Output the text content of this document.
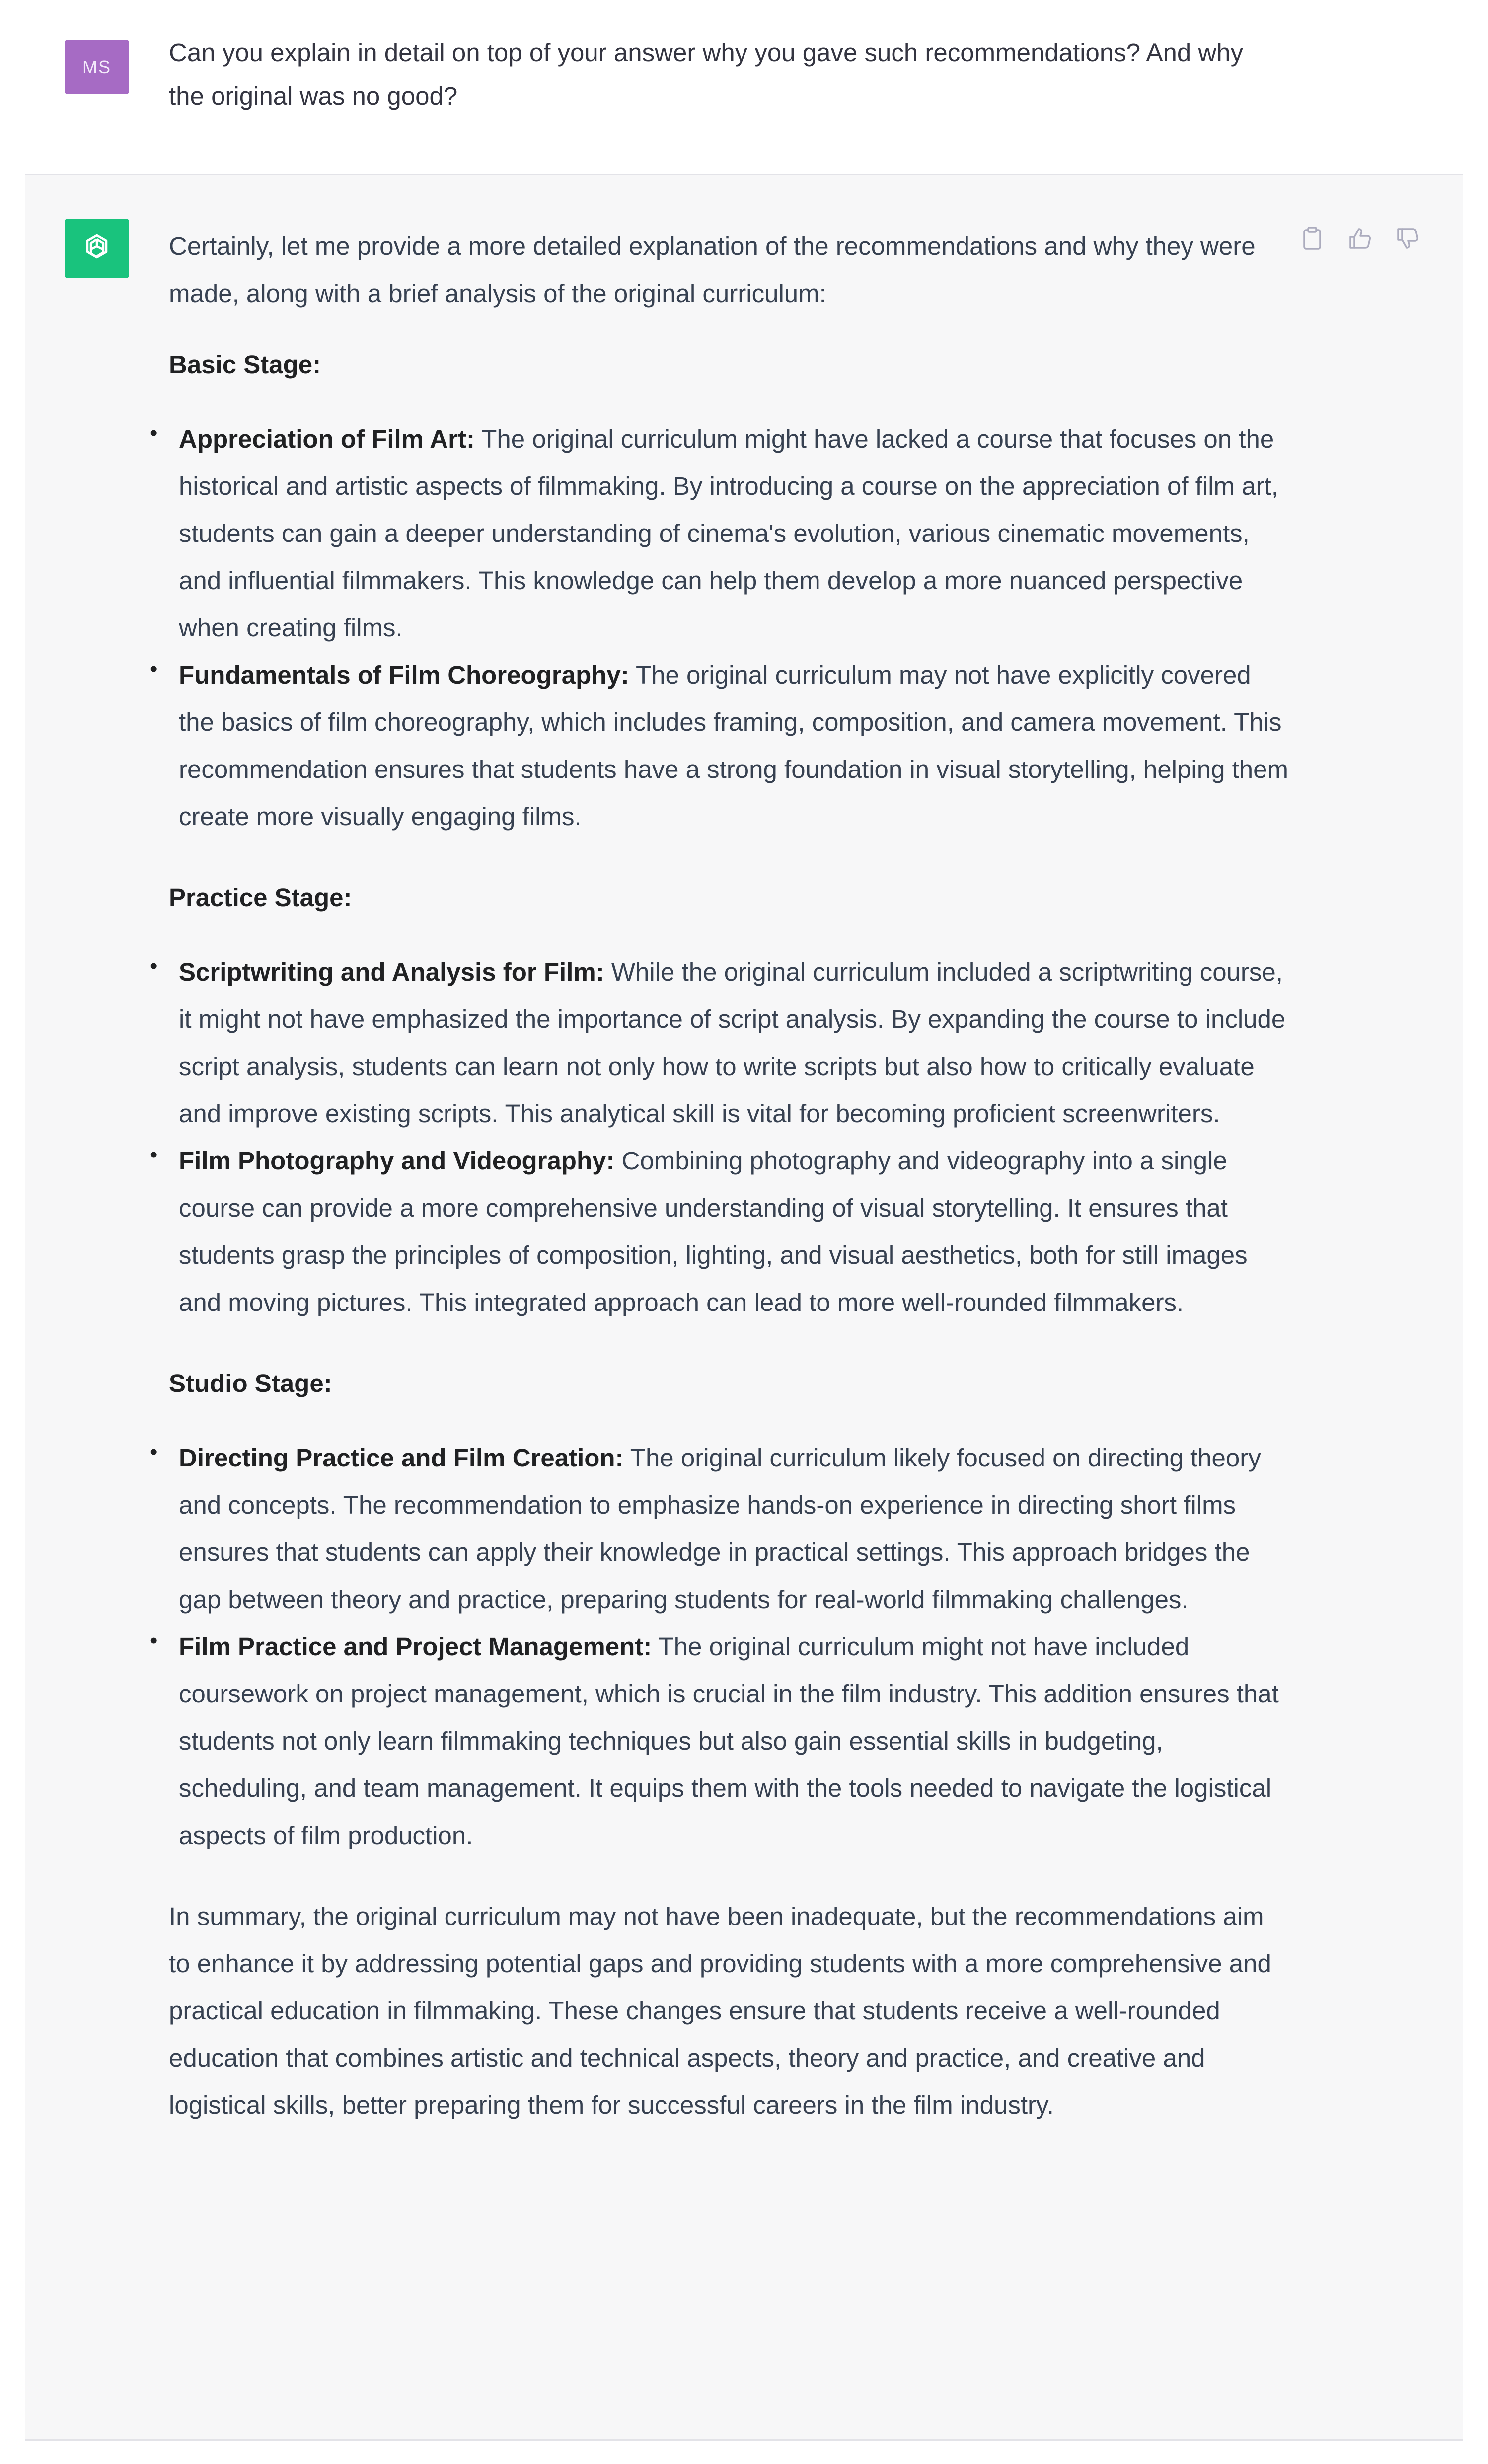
MS
Can you explain in detail on top of your answer why you gave such recommendations? And why the original was no good?

Certainly, let me provide a more detailed explanation of the recommendations and why they were made, along with a brief analysis of the original curriculum:

Basic Stage:
• Appreciation of Film Art: The original curriculum might have lacked a course that focuses on the historical and artistic aspects of filmmaking. By introducing a course on the appreciation of film art, students can gain a deeper understanding of cinema's evolution, various cinematic movements, and influential filmmakers. This knowledge can help them develop a more nuanced perspective when creating films.
• Fundamentals of Film Choreography: The original curriculum may not have explicitly covered the basics of film choreography, which includes framing, composition, and camera movement. This recommendation ensures that students have a strong foundation in visual storytelling, helping them create more visually engaging films.
Practice Stage:
• Scriptwriting and Analysis for Film: While the original curriculum included a scriptwriting course, it might not have emphasized the importance of script analysis. By expanding the course to include script analysis, students can learn not only how to write scripts but also how to critically evaluate and improve existing scripts. This analytical skill is vital for becoming proficient screenwriters.
• Film Photography and Videography: Combining photography and videography into a single course can provide a more comprehensive understanding of visual storytelling. It ensures that students grasp the principles of composition, lighting, and visual aesthetics, both for still images and moving pictures. This integrated approach can lead to more well-rounded filmmakers.
Studio Stage:
• Directing Practice and Film Creation: The original curriculum likely focused on directing theory and concepts. The recommendation to emphasize hands-on experience in directing short films ensures that students can apply their knowledge in practical settings. This approach bridges the gap between theory and practice, preparing students for real-world filmmaking challenges.
• Film Practice and Project Management: The original curriculum might not have included coursework on project management, which is crucial in the film industry. This addition ensures that students not only learn filmmaking techniques but also gain essential skills in budgeting, scheduling, and team management. It equips them with the tools needed to navigate the logistical aspects of film production.

In summary, the original curriculum may not have been inadequate, but the recommendations aim to enhance it by addressing potential gaps and providing students with a more comprehensive and practical education in filmmaking. These changes ensure that students receive a well-rounded education that combines artistic and technical aspects, theory and practice, and creative and logistical skills, better preparing them for successful careers in the film industry.
